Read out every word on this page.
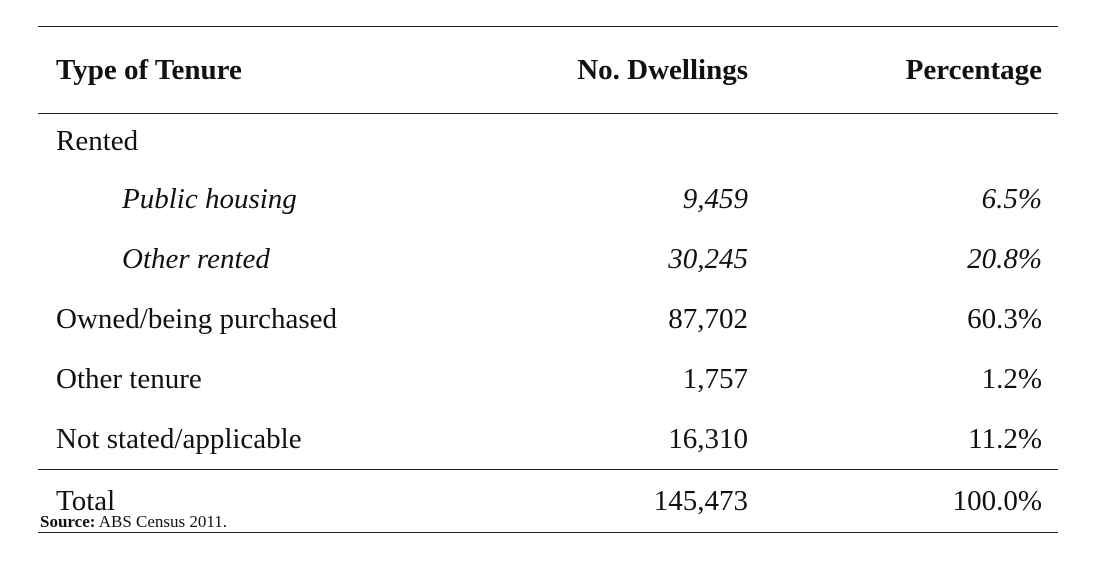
Type of Tenure	No. Dwellings	Percentage
Rented		
Public housing	9,459	6.5%
Other rented	30,245	20.8%
Owned/being purchased	87,702	60.3%
Other tenure	1,757	1.2%
Not stated/applicable	16,310	11.2%
Total	145,473	100.0%
Source: ABS Census 2011.
